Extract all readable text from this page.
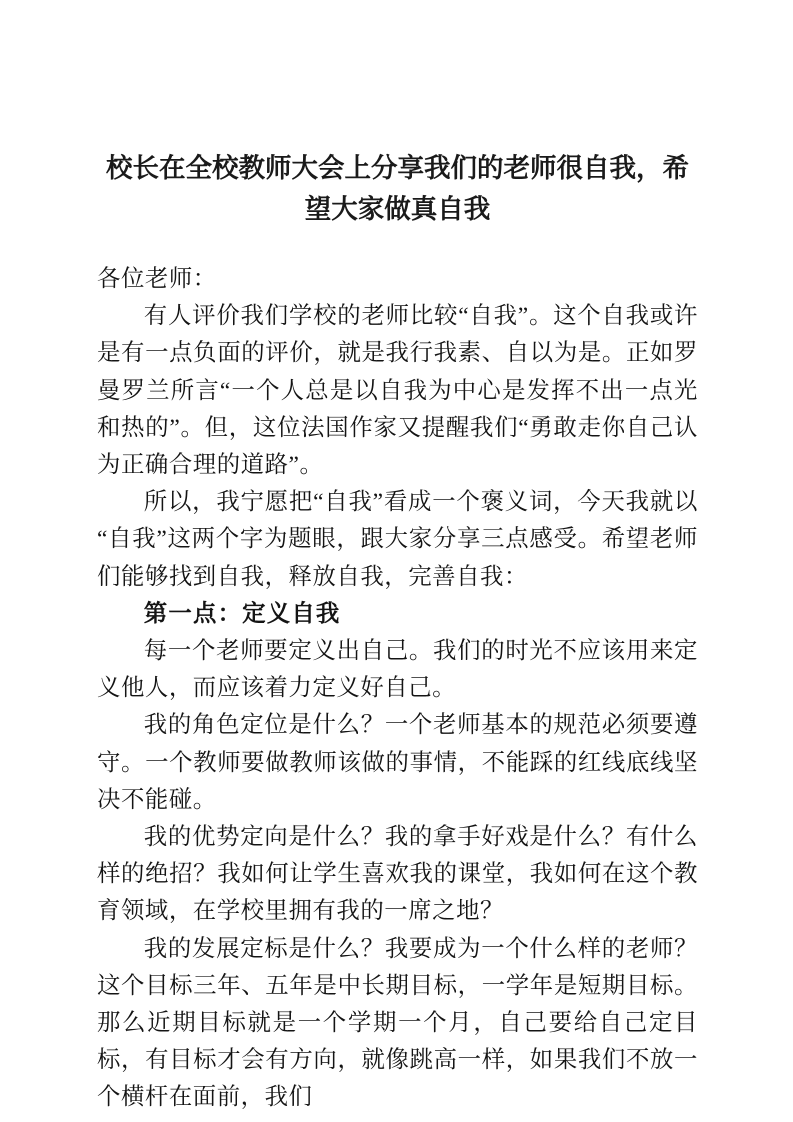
校长在全校教师大会上分享我们的老师很自我，希望大家做真自我

各位老师：

有人评价我们学校的老师比较“自我”。这个自我或许是有一点负面的评价，就是我行我素、自以为是。正如罗曼罗兰所言“一个人总是以自我为中心是发挥不出一点光和热的”。但，这位法国作家又提醒我们“勇敢走你自己认为正确合理的道路”。

所以，我宁愿把“自我”看成一个褒义词，今天我就以“自我”这两个字为题眼，跟大家分享三点感受。希望老师们能够找到自我，释放自我，完善自我：

第一点：定义自我

每一个老师要定义出自己。我们的时光不应该用来定义他人，而应该着力定义好自己。

我的角色定位是什么？一个老师基本的规范必须要遵守。一个教师要做教师该做的事情，不能踩的红线底线坚决不能碰。

我的优势定向是什么？我的拿手好戏是什么？有什么样的绝招？我如何让学生喜欢我的课堂，我如何在这个教育领域，在学校里拥有我的一席之地？

我的发展定标是什么？我要成为一个什么样的老师？这个目标三年、五年是中长期目标，一学年是短期目标。那么近期目标就是一个学期一个月，自己要给自己定目标，有目标才会有方向，就像跳高一样，如果我们不放一个横杆在面前，我们
